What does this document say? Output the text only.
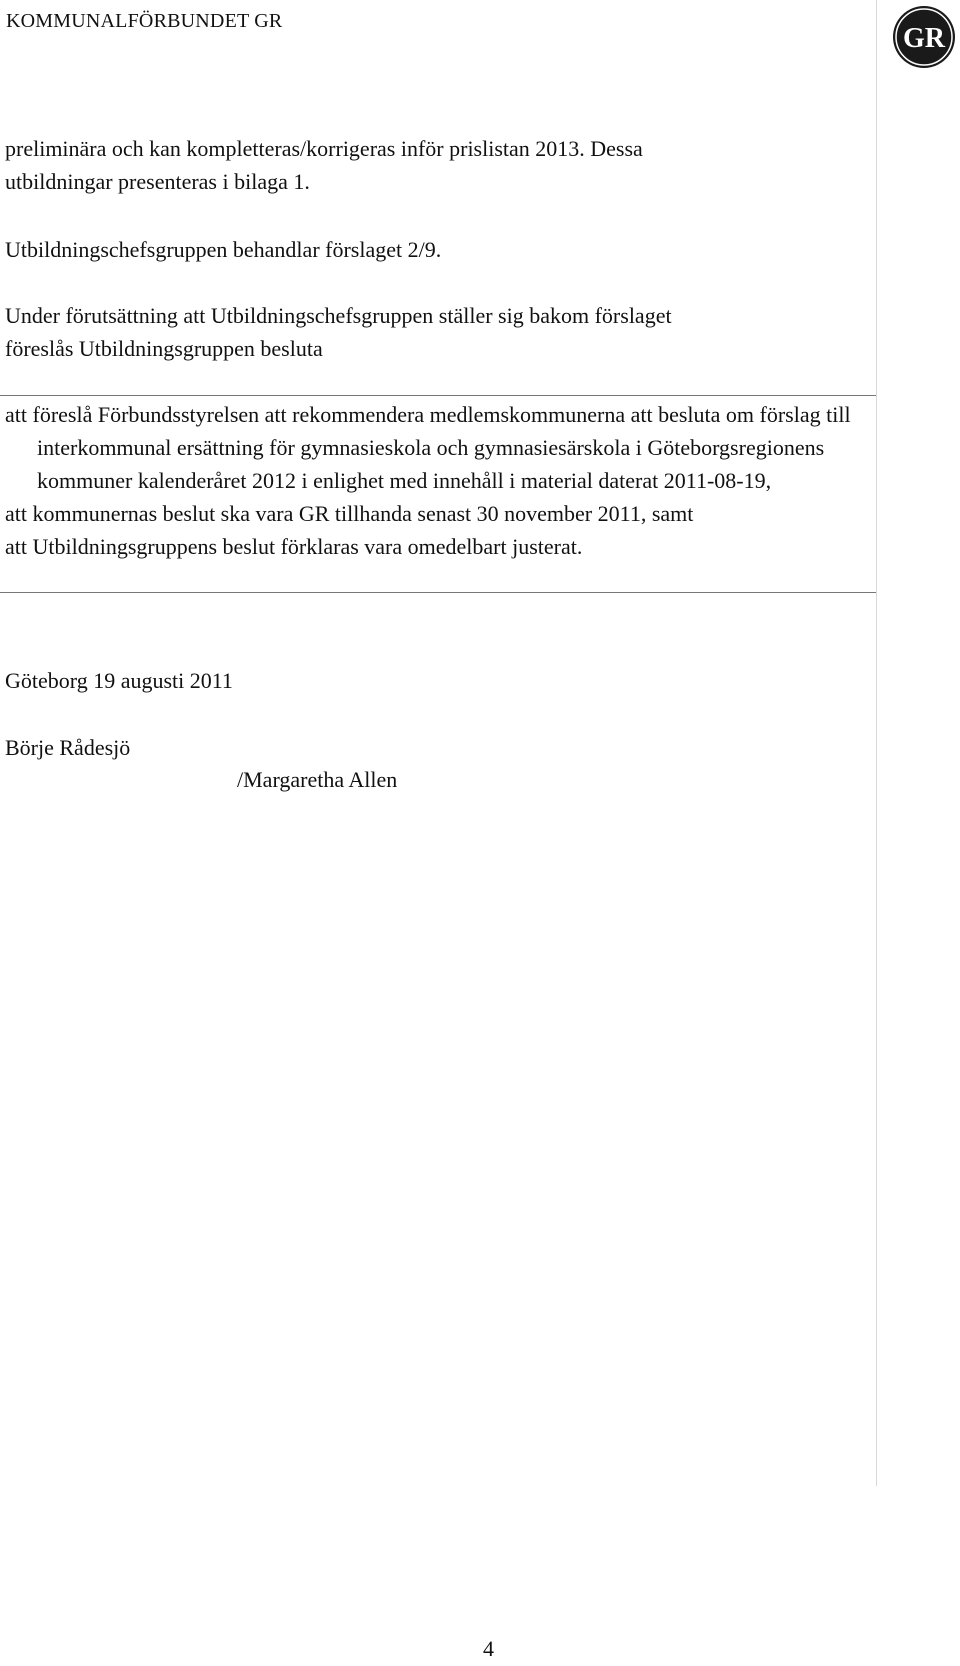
KOMMUNALFÖRBUNDET GR
GR

preliminära och kan kompletteras/korrigeras inför prislistan 2013. Dessa
utbildningar presenteras i bilaga 1.

Utbildningschefsgruppen behandlar förslaget 2/9.

Under förutsättning att Utbildningschefsgruppen ställer sig bakom förslaget
föreslås Utbildningsgruppen besluta

att föreslå Förbundsstyrelsen att rekommendera medlemskommunerna att besluta om förslag till interkommunal ersättning för gymnasieskola och gymnasiesärskola i Göteborgsregionens kommuner kalenderåret 2012 i enlighet med innehåll i material daterat 2011-08-19,
att kommunernas beslut ska vara GR tillhanda senast 30 november 2011, samt
att Utbildningsgruppens beslut förklaras vara omedelbart justerat.
Göteborg 19 augusti 2011
Börje Rådesjö
/Margaretha Allen
4
